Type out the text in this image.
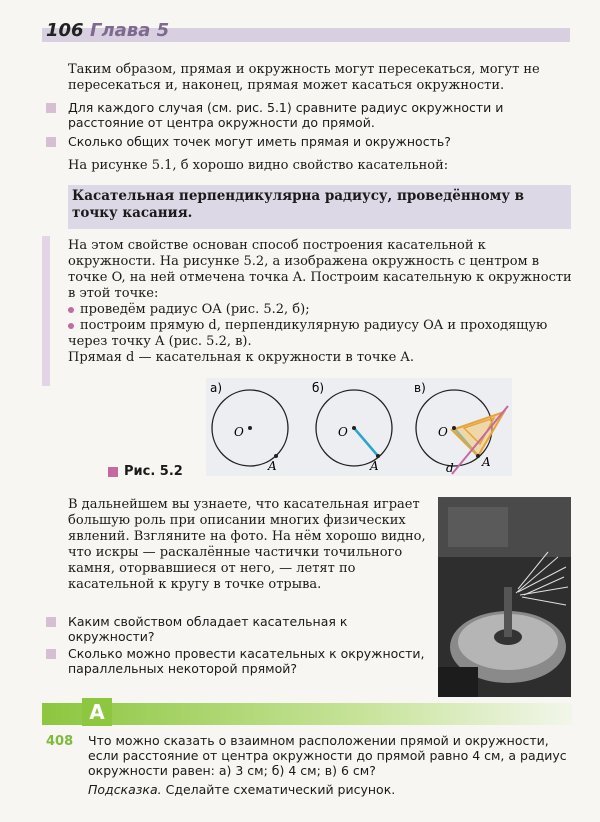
106 Глава 5
Таким образом, прямая и окружность могут пересекаться, могут не пересекаться и, наконец, прямая может касаться окружности.
Для каждого случая (см. рис. 5.1) сравните радиус окружности и расстояние от центра окружности до прямой.
Сколько общих точек могут иметь прямая и окружность?
На рисунке 5.1, б хорошо видно свойство касательной:
Касательная перпендикулярна радиусу, проведённому в точку касания.
На этом свойстве основан способ построения касательной к окружности. На рисунке 5.2, а изображена окружность с центром в точке O, на ней отмечена точка A. Построим касательную к окружности в этой точке:
проведём радиус OA (рис. 5.2, б);
построим прямую d, перпендикулярную радиусу OA и проходящую через точку A (рис. 5.2, в).
Прямая d — касательная к окружности в точке A.
а)
O
A
б)
O
A
в)
O
A
d
Рис. 5.2
В дальнейшем вы узнаете, что касательная играет большую роль при описании многих физических явлений. Взгляните на фото. На нём хорошо видно, что искры — раскалённые частички точильного камня, оторвавшиеся от него, — летят по касательной к кругу в точке отрыва.
Каким свойством обладает касательная к окружности?
Сколько можно провести касательных к окружности, параллельных некоторой прямой?
А
408 Что можно сказать о взаимном расположении прямой и окружности, если расстояние от центра окружности до прямой равно 4 см, а радиус окружности равен: а) 3 см; б) 4 см; в) 6 см?
Подсказка. Сделайте схематический рисунок.
